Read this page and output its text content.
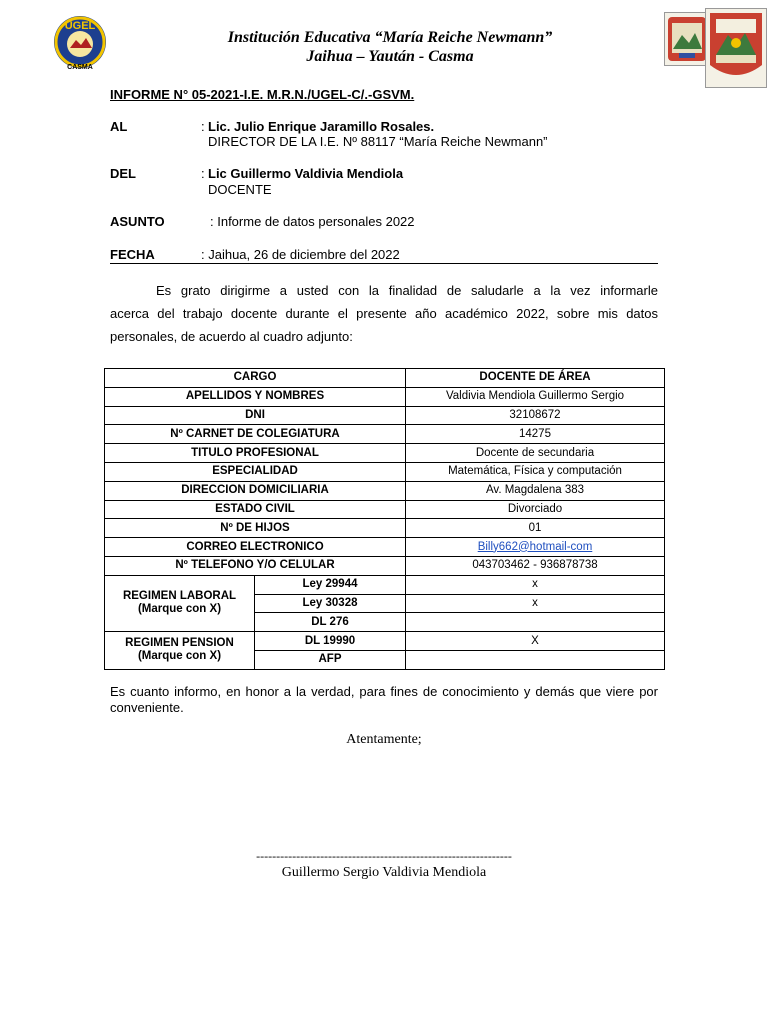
UGEL
CASMA
Institución Educativa “María Reiche Newmann”
Jaihua – Yaután - Casma
INFORME N° 05-2021-I.E. M.R.N./UGEL-C/.-GSVM.
AL	: Lic. Julio Enrique Jaramillo Rosales.
DIRECTOR DE LA I.E. Nº 88117 “María Reiche Newmann”
DEL	: Lic Guillermo Valdivia Mendiola
DOCENTE
ASUNTO	: Informe de datos personales 2022
FECHA	: Jaihua, 26 de diciembre del 2022
Es grato dirigirme a usted con la finalidad de saludarle a la vez informarle
acerca del trabajo docente durante el presente año académico 2022, sobre mis datos
personales, de acuerdo al cuadro adjunto:
CARGO		DOCENTE DE ÁREA
APELLIDOS Y NOMBRES		Valdivia Mendiola Guillermo Sergio
DNI		32108672
Nº CARNET DE COLEGIATURA		14275
TITULO PROFESIONAL		Docente de secundaria
ESPECIALIDAD		Matemática, Física y computación
DIRECCION DOMICILIARIA		Av. Magdalena 383
ESTADO CIVIL		Divorciado
Nº DE HIJOS		01
CORREO ELECTRONICO		Billy662@hotmail-com
Nº TELEFONO Y/O CELULAR		043703462 - 936878738

REGIMEN LABORAL
(Marque con X)	Ley 29944	x
	Ley 30328	x
	DL 276	

REGIMEN PENSION
(Marque con X)	DL 19990	X
	AFP	
Es cuanto informo, en honor a la verdad, para fines de conocimiento y demás que viere por conveniente.
Atentamente;
----------------------------------------------------------------
Guillermo Sergio Valdivia Mendiola
